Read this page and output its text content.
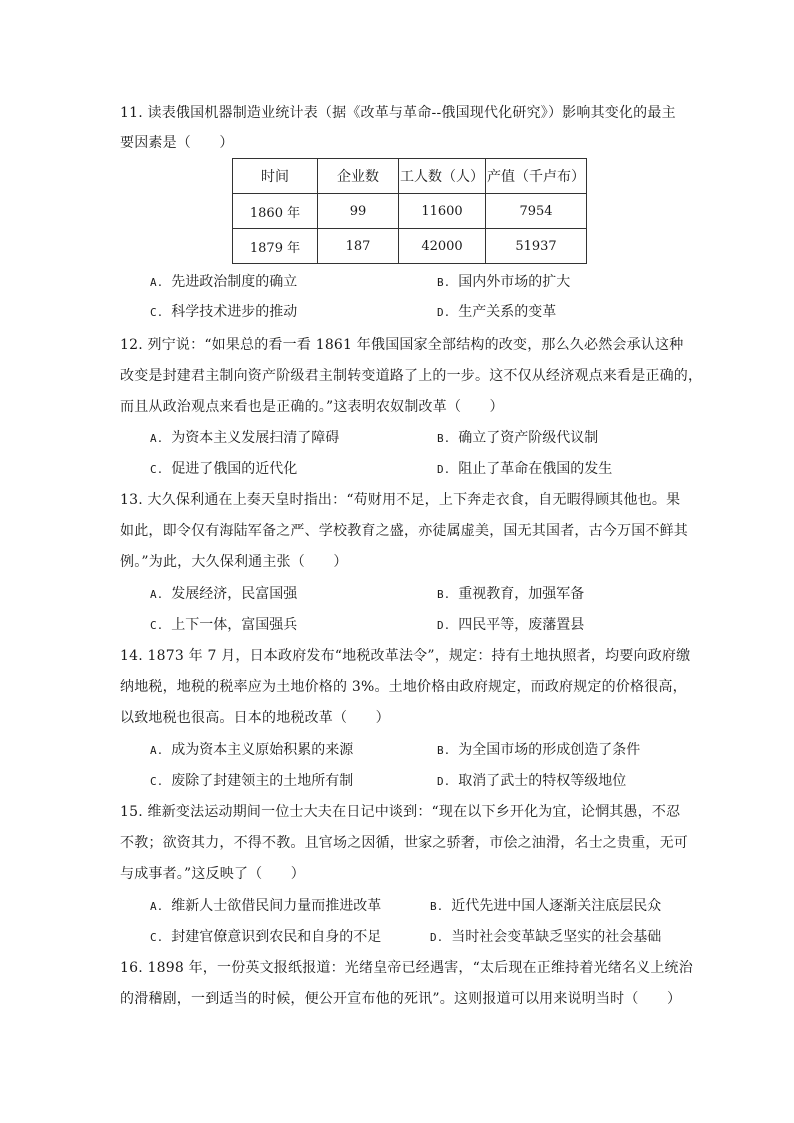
11. 读表俄国机器制造业统计表（据《改革与革命--俄国现代化研究》）影响其变化的最主
要因素是（　　）
时间	企业数	工人数（人）	产值（千卢布）
1860 年	99	11600	7954
1879 年	187	42000	51937
A. 先进政治制度的确立	B. 国内外市场的扩大
C. 科学技术进步的推动	D. 生产关系的变革
12. 列宁说：“如果总的看一看 1861 年俄国国家全部结构的改变，那么久必然会承认这种
改变是封建君主制向资产阶级君主制转变道路了上的一步。这不仅从经济观点来看是正确的，
而且从政治观点来看也是正确的。”这表明农奴制改革（　　）
A. 为资本主义发展扫清了障碍	B. 确立了资产阶级代议制
C. 促进了俄国的近代化	D. 阻止了革命在俄国的发生
13. 大久保利通在上奏天皇时指出：“苟财用不足，上下奔走衣食，自无暇得顾其他也。果
如此，即令仅有海陆军备之严、学校教育之盛，亦徒属虚美，国无其国者，古今万国不鲜其
例。”为此，大久保利通主张（　　）
A. 发展经济，民富国强	B. 重视教育，加强军备
C. 上下一体，富国强兵	D. 四民平等，废藩置县
14. 1873 年 7 月，日本政府发布“地税改革法令”，规定：持有土地执照者，均要向政府缴
纳地税，地税的税率应为土地价格的 3%。土地价格由政府规定，而政府规定的价格很高，
以致地税也很高。日本的地税改革（　　）
A. 成为资本主义原始积累的来源	B. 为全国市场的形成创造了条件
C. 废除了封建领主的土地所有制	D. 取消了武士的特权等级地位
15. 维新变法运动期间一位士大夫在日记中谈到：“现在以下乡开化为宜，论惘其愚，不忍
不教；欲资其力，不得不教。且官场之因循，世家之骄奢，市侩之油滑，名士之贵重，无可
与成事者。”这反映了（　　）
A. 维新人士欲借民间力量而推进改革	B. 近代先进中国人逐渐关注底层民众
C. 封建官僚意识到农民和自身的不足	D. 当时社会变革缺乏坚实的社会基础
16. 1898 年，一份英文报纸报道：光绪皇帝已经遇害，“太后现在正维持着光绪名义上统治
的滑稽剧，一到适当的时候，便公开宣布他的死讯”。这则报道可以用来说明当时（　　）
